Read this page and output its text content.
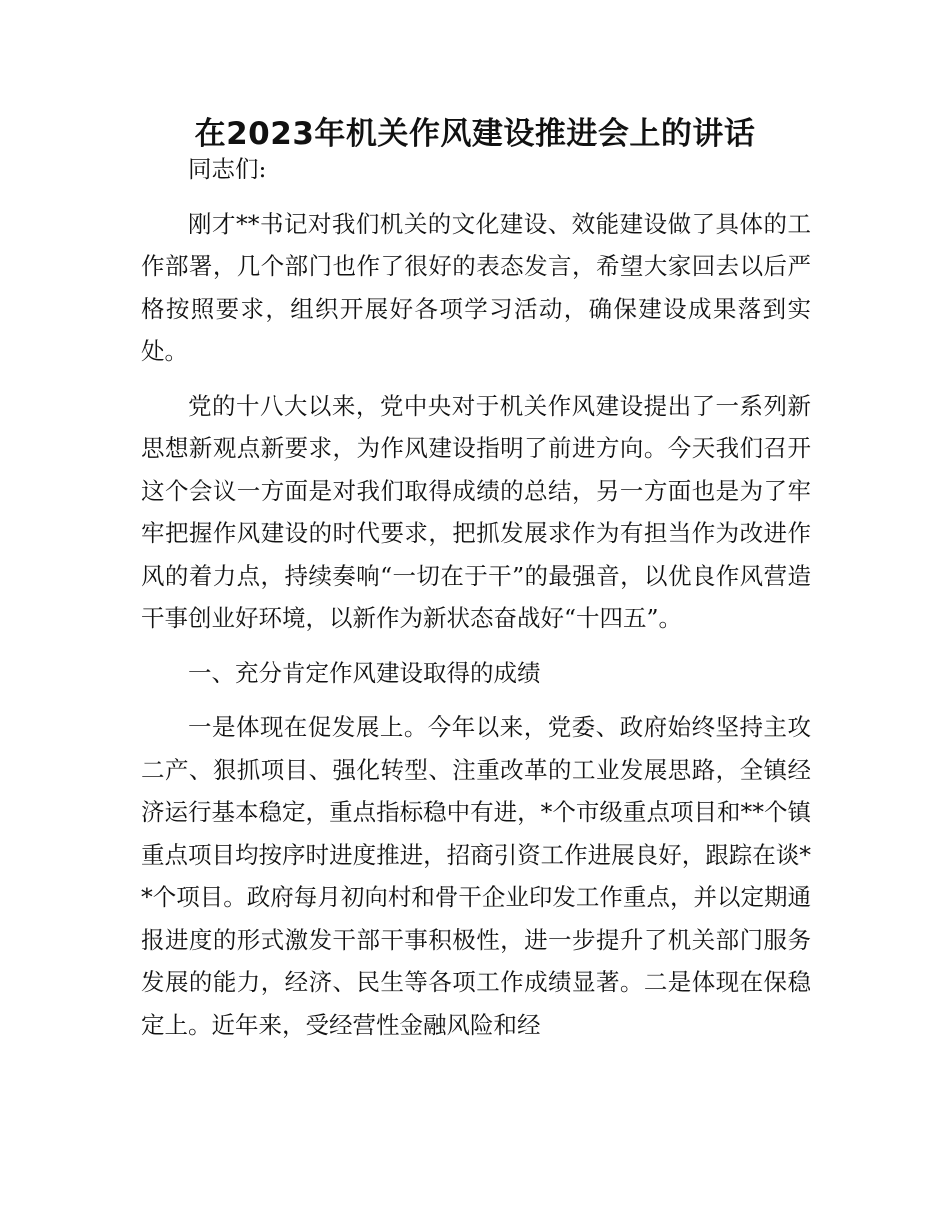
在2023年机关作风建设推进会上的讲话

同志们:

刚才**书记对我们机关的文化建设、效能建设做了具体的工作部署，几个部门也作了很好的表态发言，希望大家回去以后严格按照要求，组织开展好各项学习活动，确保建设成果落到实处。

党的十八大以来，党中央对于机关作风建设提出了一系列新思想新观点新要求，为作风建设指明了前进方向。今天我们召开这个会议一方面是对我们取得成绩的总结，另一方面也是为了牢牢把握作风建设的时代要求，把抓发展求作为有担当作为改进作风的着力点，持续奏响“一切在于干”的最强音，以优良作风营造干事创业好环境，以新作为新状态奋战好“十四五”。

一、充分肯定作风建设取得的成绩

一是体现在促发展上。今年以来，党委、政府始终坚持主攻二产、狠抓项目、强化转型、注重改革的工业发展思路，全镇经济运行基本稳定，重点指标稳中有进，*个市级重点项目和**个镇重点项目均按序时进度推进，招商引资工作进展良好，跟踪在谈**个项目。政府每月初向村和骨干企业印发工作重点，并以定期通报进度的形式激发干部干事积极性，进一步提升了机关部门服务发展的能力，经济、民生等各项工作成绩显著。二是体现在保稳定上。近年来，受经营性金融风险和经
